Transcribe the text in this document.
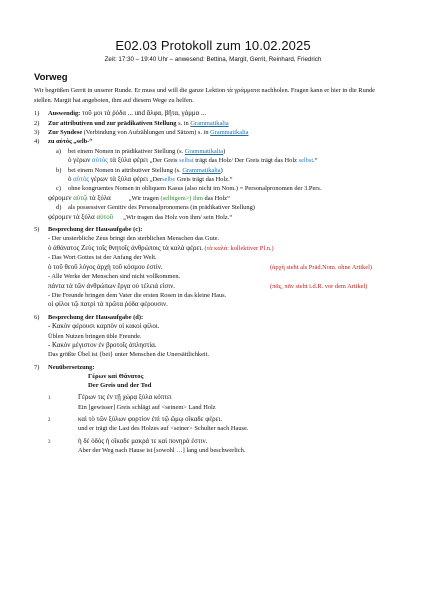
E02.03 Protokoll zum 10.02.2025
Zeit: 17:30 – 19:40 Uhr – anwesend: Bettina, Margit, Gerrit, Reinhard, Friedrich
Vorweg

Wir begrüßen Gerrit in unserer Runde. Er muss und will die ganze Lektion τὰ γράμματα nachholen. Fragen kann er hier in die Runde stellen. Margit hat angeboten, ihm auf diesem Wege zu helfen.

1)	Auswendig: τοῦ μοι τὰ ῥόδα ... und ἄλφα, βῆτα, γάμμα ...
2)	Zur attributiven und zur prädikativen Stellung s. in Grammatikalia
3)	Zur Syndese (Verbindung von Aufzählungen und Sätzen) s. in Grammatikalia
4)	zu αὐτός „selb-“
a) bei einem Nomen in prädikativer Stellung (s. Grammatikalia)
ὁ γέρων αὐτὸς τὰ ξύλα φέρει „Der Greis selbst trägt das Holz/ Der Greis trägt das Holz selbst.“
b) bei einem Nomen in attributiver Stellung (s. Grammatikalia)
ὁ αὐτὸς γέρων τὰ ξύλα φέρει „Derselbe Greis trägt das Holz.“
c) ohne kongruentes Nomen in obliquem Kasus (also nicht im Nom.) = Personalpronomen der 3.Pers.
φέρομεν αὐτῷ τὰ ξύλα	„Wir tragen (selbigem>) ihm das Holz“
d) als possessiver Genitiv des Personalpronomens (in prädikativer Stellung)
φέρομεν τὰ ξύλα αὐτοῦ „Wir tragen das Holz von ihm/ sein Holz.“
5)	Besprechung der Hausaufgabe (c):
- Der unsterbliche Zeus bringt den sterblichen Menschen das Gute.
ὁ ἀθάνατος Ζεὺς τοῖς θνητοῖς ἀνθρώποις τὰ καλὰ φέρει. (τὰ καλά: kollektiver Pl.n.)
- Das Wort Gottes ist der Anfang der Welt.
ὁ τοῦ θεοῦ λόγος ἀρχὴ τοῦ κόσμου ἐστίν.	(ἀρχὴ steht als Präd.Nom. ohne Artikel)
- Alle Werke der Menschen sind nicht vollkommen.
πάντα τὰ τῶν ἀνθρώπων ἔργα οὐ τέλειά εἰσιν.	(πᾶς, πᾶν steht i.d.R. vor dem Artikel)
- Die Freunde bringen dem Vater die ersten Rosen in das kleine Haus.
οἱ φίλοι τῷ πατρὶ τὰ πρῶτα ῥόδα φέρουσιν.
6)	Besprechung der Hausaufgabe (d):
- Κακὸν φέρουσι καρπὸν οἱ κακοὶ φίλοι.
Üblen Nutzen bringen üble Freunde.
- Κακὸν μέγιστον ἐν βροτοῖς ἀπληστία.
Das größte Übel ist {bei} unter Menschen die Unersättlichkeit.
7)	Neuübersetzung:
Γέρων καὶ Θάνατος
Der Greis und der Tod
1	Γέρων τις ἐν τῇ χώρᾳ ξύλα κόπτει
Ein [gewisser] Greis schlägt auf <seinem> Land Holz
2	καὶ τὸ τῶν ξύλων φορτίον ἐπὶ τῷ ὤμῳ οἴκαδε φέρει.
und er trägt die Last des Holzes auf <seiner> Schulter nach Hause.
3	ἡ δὲ ὁδὸς ἡ οἴκαδε μακρά τε καὶ πονηρά ἐστιν.
Aber der Weg nach Hause ist [sowohl …] lang und beschwerlich.
